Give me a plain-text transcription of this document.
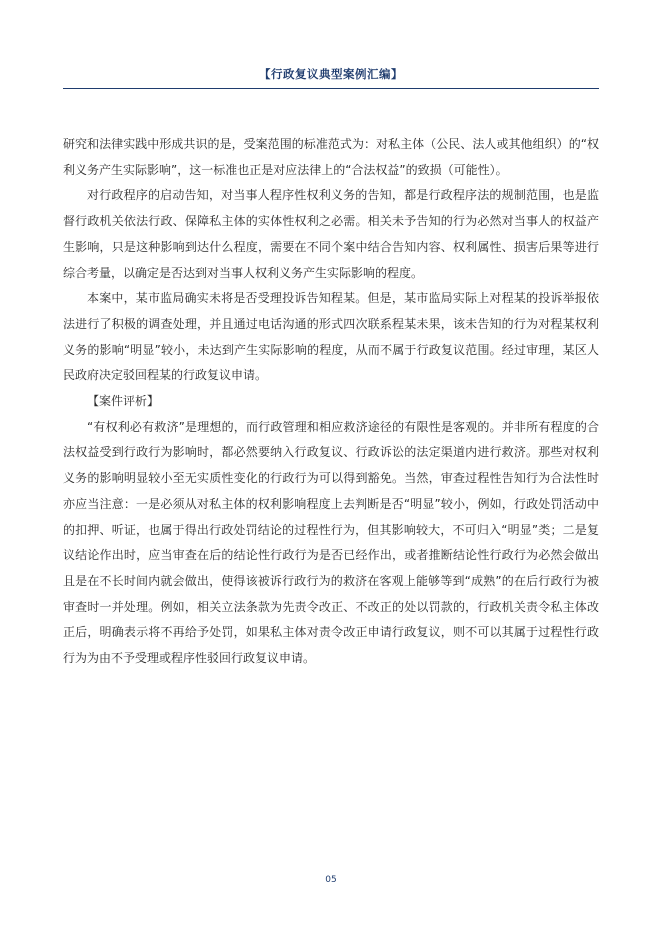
【行政复议典型案例汇编】

研究和法律实践中形成共识的是，受案范围的标准范式为：对私主体（公民、法人或其他组织）的“权利义务产生实际影响”，这一标准也正是对应法律上的“合法权益”的致损（可能性）。

对行政程序的启动告知，对当事人程序性权利义务的告知，都是行政程序法的规制范围，也是监督行政机关依法行政、保障私主体的实体性权利之必需。相关未予告知的行为必然对当事人的权益产生影响，只是这种影响到达什么程度，需要在不同个案中结合告知内容、权利属性、损害后果等进行综合考量，以确定是否达到对当事人权利义务产生实际影响的程度。

本案中，某市监局确实未将是否受理投诉告知程某。但是，某市监局实际上对程某的投诉举报依法进行了积极的调查处理，并且通过电话沟通的形式四次联系程某未果，该未告知的行为对程某权利义务的影响“明显”较小，未达到产生实际影响的程度，从而不属于行政复议范围。经过审理，某区人民政府决定驳回程某的行政复议申请。

【案件评析】

“有权利必有救济”是理想的，而行政管理和相应救济途径的有限性是客观的。并非所有程度的合法权益受到行政行为影响时，都必然要纳入行政复议、行政诉讼的法定渠道内进行救济。那些对权利义务的影响明显较小至无实质性变化的行政行为可以得到豁免。当然，审查过程性告知行为合法性时亦应当注意：一是必须从对私主体的权利影响程度上去判断是否“明显”较小，例如，行政处罚活动中的扣押、听证，也属于得出行政处罚结论的过程性行为，但其影响较大，不可归入“明显”类；二是复议结论作出时，应当审查在后的结论性行政行为是否已经作出，或者推断结论性行政行为必然会做出且是在不长时间内就会做出，使得该被诉行政行为的救济在客观上能够等到“成熟”的在后行政行为被审查时一并处理。例如，相关立法条款为先责令改正、不改正的处以罚款的，行政机关责令私主体改正后，明确表示将不再给予处罚，如果私主体对责令改正申请行政复议，则不可以其属于过程性行政行为为由不予受理或程序性驳回行政复议申请。

05
